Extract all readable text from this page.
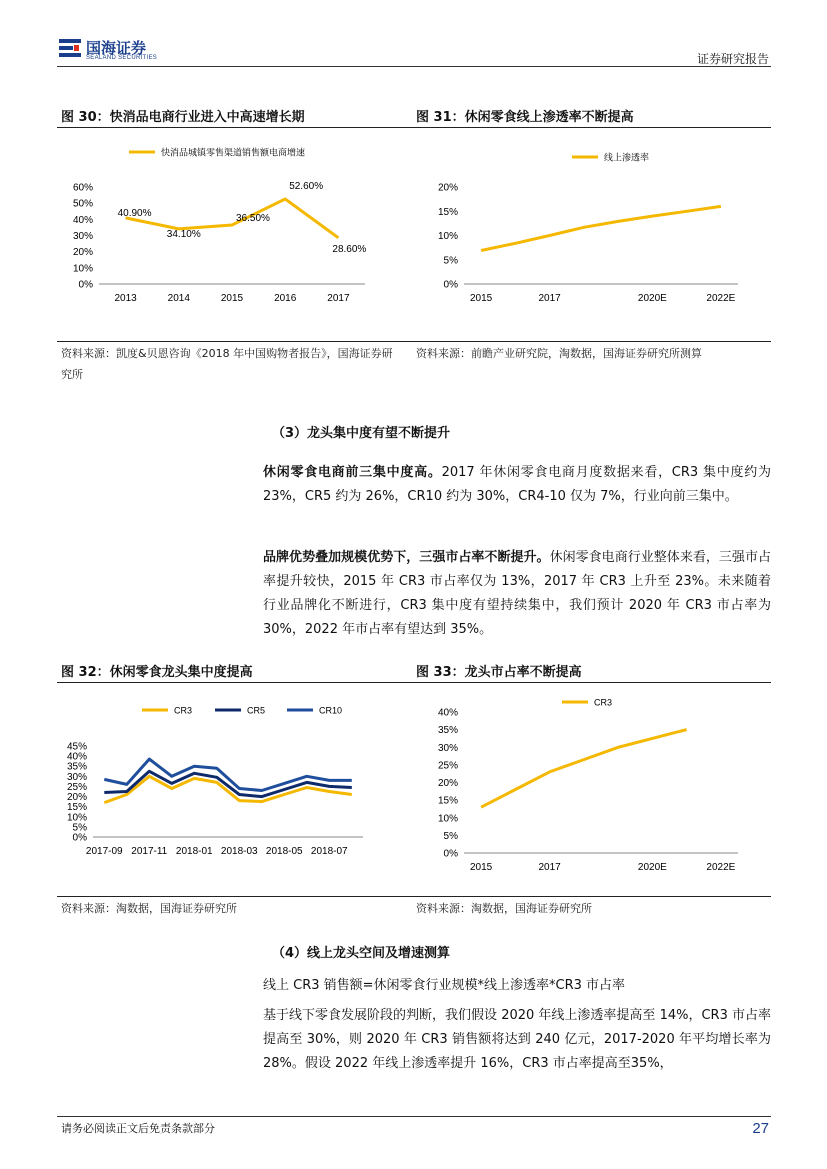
国海证券
SEALAND SECURITIES	证券研究报告
图 30：快消品电商行业进入中高速增长期	图 31：休闲零食线上渗透率不断提高
0%
10%
20%
30%
40%
50%
60%
2013	2014	2015	2016	2017
快消品城镇零售渠道销售额电商增速
40.90%
34.10%
36.50%
52.60%
28.60%
0%
5%
10%
15%
20%
2015	2017	2020E	2022E
线上渗透率
资料来源：凯度&贝恩咨询《2018 年中国购物者报告》，国海证券研究所
资料来源：前瞻产业研究院，淘数据，国海证券研究所测算
（3）龙头集中度有望不断提升
休闲零食电商前三集中度高。2017 年休闲零食电商月度数据来看，CR3 集中度约为 23%，CR5 约为 26%，CR10 约为 30%，CR4-10 仅为 7%，行业向前三集中。
品牌优势叠加规模优势下，三强市占率不断提升。休闲零食电商行业整体来看，三强市占率提升较快，2015 年 CR3 市占率仅为 13%，2017 年 CR3 上升至 23%。未来随着行业品牌化不断进行，CR3 集中度有望持续集中，我们预计 2020 年 CR3 市占率为 30%，2022 年市占率有望达到 35%。
图 32：休闲零食龙头集中度提高	图 33：龙头市占率不断提高
0%
5%
10%
15%
20%
25%
30%
35%
40%
45%
2017-09 2017-11 2018-01 2018-03 2018-05 2018-07
CR3	CR5	CR10
0%
5%
10%
15%
20%
25%
30%
35%
40%
2015	2017	2020E	2022E
CR3
资料来源：淘数据，国海证券研究所	资料来源：淘数据，国海证券研究所
（4）线上龙头空间及增速测算
线上 CR3 销售额=休闲零食行业规模*线上渗透率*CR3 市占率
基于线下零食发展阶段的判断，我们假设 2020 年线上渗透率提高至 14%，CR3 市占率提高至 30%，则 2020 年 CR3 销售额将达到 240 亿元，2017-2020 年平均增长率为 28%。假设 2022 年线上渗透率提升 16%，CR3 市占率提高至35%，
请务必阅读正文后免责条款部分	27
